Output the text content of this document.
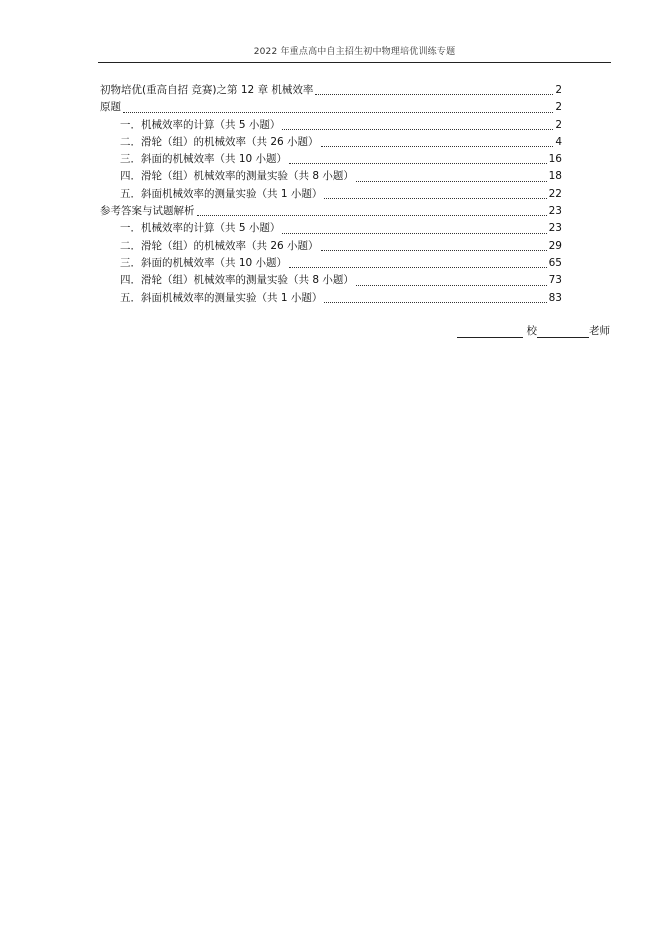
2022 年重点高中自主招生初中物理培优训练专题
初物培优(重高自招 竞赛)之第 12 章 机械效率	2
原题	2
一．机械效率的计算（共 5 小题）	2
二．滑轮（组）的机械效率（共 26 小题）	4
三．斜面的机械效率（共 10 小题）	16
四．滑轮（组）机械效率的测量实验（共 8 小题）	18
五．斜面机械效率的测量实验（共 1 小题）	22
参考答案与试题解析	23
一．机械效率的计算（共 5 小题）	23
二．滑轮（组）的机械效率（共 26 小题）	29
三．斜面的机械效率（共 10 小题）	65
四．滑轮（组）机械效率的测量实验（共 8 小题）	73
五．斜面机械效率的测量实验（共 1 小题）	83
校	老师
